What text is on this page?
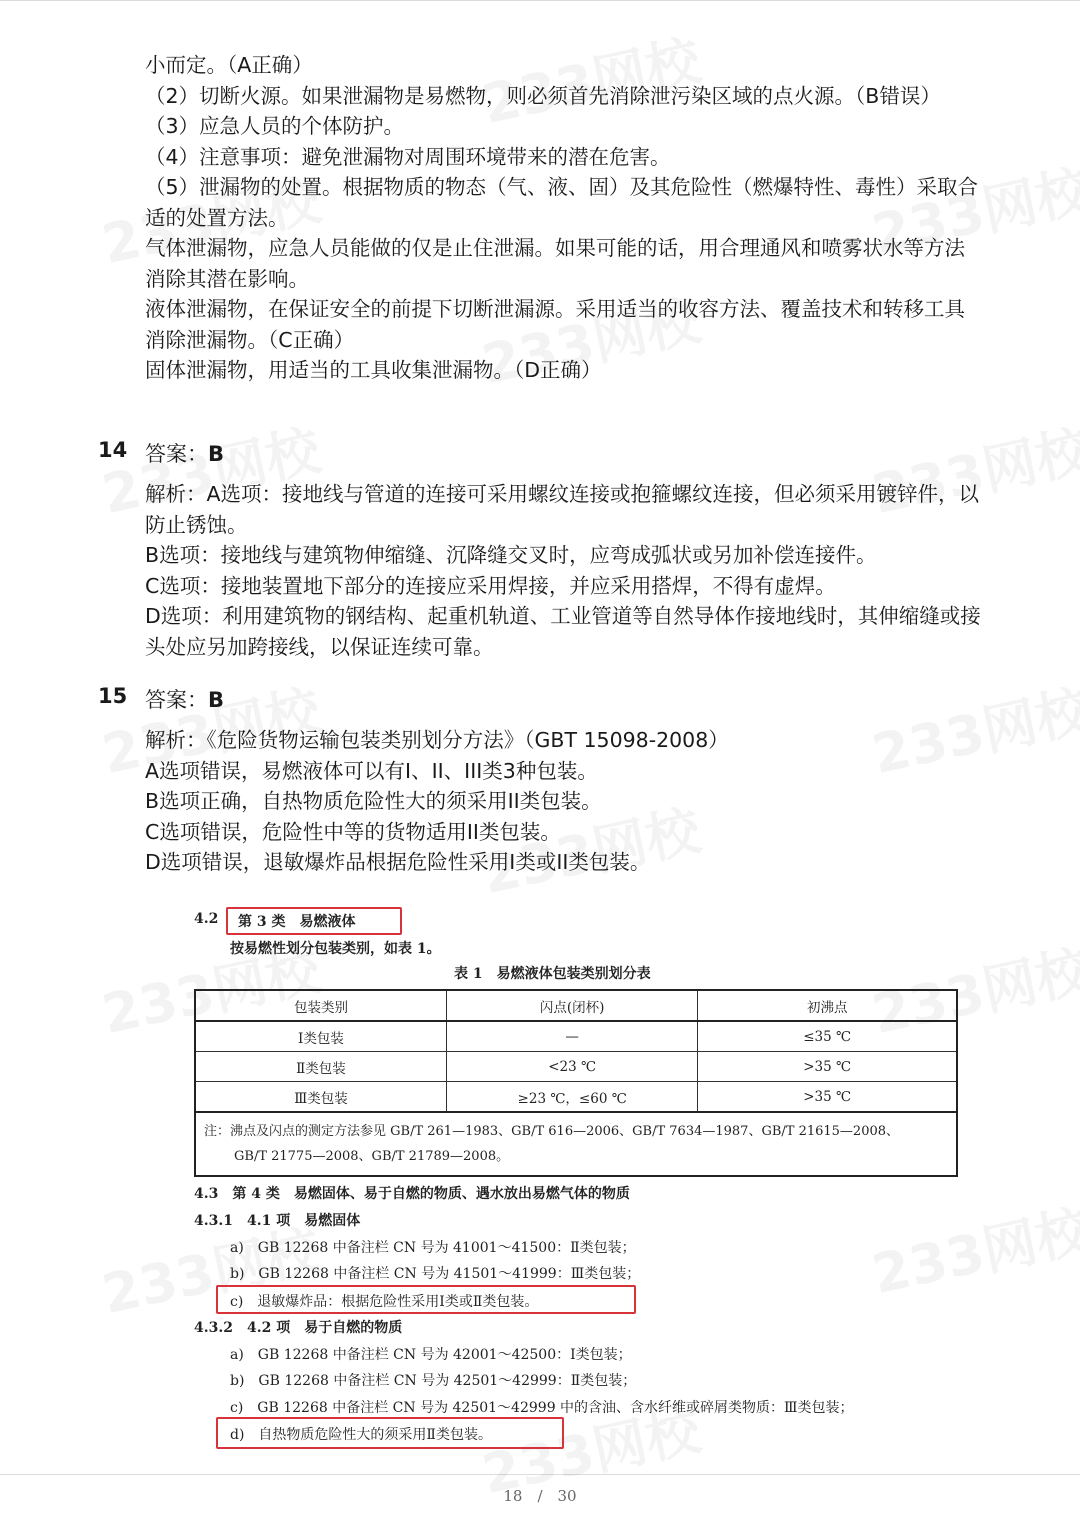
小而定。（A正确）

（2）切断火源。如果泄漏物是易燃物，则必须首先消除泄污染区域的点火源。（B错误）

（3）应急人员的个体防护。

（4）注意事项：避免泄漏物对周围环境带来的潜在危害。

（5）泄漏物的处置。根据物质的物态（气、液、固）及其危险性（燃爆特性、毒性）采取合适的处置方法。

气体泄漏物，应急人员能做的仅是止住泄漏。如果可能的话，用合理通风和喷雾状水等方法消除其潜在影响。

液体泄漏物，在保证安全的前提下切断泄漏源。采用适当的收容方法、覆盖技术和转移工具消除泄漏物。（C正确）

固体泄漏物，用适当的工具收集泄漏物。（D正确）

14 答案：B

解析：A选项：接地线与管道的连接可采用螺纹连接或抱箍螺纹连接，但必须采用镀锌件，以防止锈蚀。

B选项：接地线与建筑物伸缩缝、沉降缝交叉时，应弯成弧状或另加补偿连接件。

C选项：接地装置地下部分的连接应采用焊接，并应采用搭焊，不得有虚焊。

D选项：利用建筑物的钢结构、起重机轨道、工业管道等自然导体作接地线时，其伸缩缝或接头处应另加跨接线，以保证连续可靠。

15 答案：B

解析：《危险货物运输包装类别划分方法》（GBT 15098-2008）

A选项错误，易燃液体可以有I、II、III类3种包装。

B选项正确，自热物质危险性大的须采用II类包装。

C选项错误，危险性中等的货物适用II类包装。

D选项错误，退敏爆炸品根据危险性采用I类或II类包装。

4.2 第 3 类　易燃液体
按易燃性划分包装类别，如表 1。
表 1　易燃液体包装类别划分表
包装类别	闪点(闭杯)	初沸点
Ⅰ类包装	—	≤35 ℃
Ⅱ类包装	<23 ℃	>35 ℃
Ⅲ类包装	≥23 ℃，≤60 ℃	>35 ℃

注：沸点及闪点的测定方法参见 GB/T 261—1983、GB/T 616—2006、GB/T 7634—1987、GB/T 21615—2008、
GB/T 21775—2008、GB/T 21789—2008。		
4.3　第 4 类　易燃固体、易于自燃的物质、遇水放出易燃气体的物质
4.3.1　4.1 项　易燃固体
a)　GB 12268 中备注栏 CN 号为 41001～41500：Ⅱ类包装；
b)　GB 12268 中备注栏 CN 号为 41501～41999：Ⅲ类包装；
c)　退敏爆炸品：根据危险性采用Ⅰ类或Ⅱ类包装。
4.3.2　4.2 项　易于自燃的物质
a)　GB 12268 中备注栏 CN 号为 42001～42500：Ⅰ类包装；
b)　GB 12268 中备注栏 CN 号为 42501～42999：Ⅱ类包装；
c)　GB 12268 中备注栏 CN 号为 42501～42999 中的含油、含水纤维或碎屑类物质：Ⅲ类包装；
d)　自热物质危险性大的须采用Ⅱ类包装。
18　/　30
